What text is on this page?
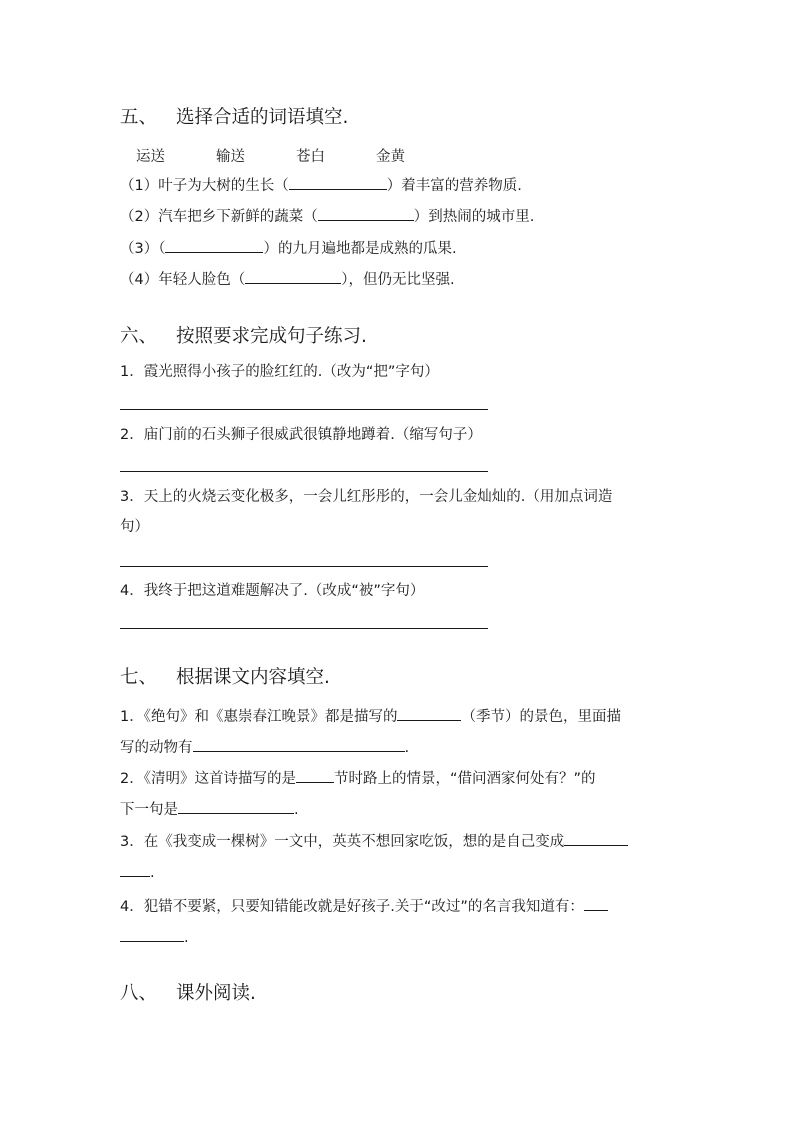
五、 选择合适的词语填空.
运送	输送	苍白	金黄
（1）叶子为大树的生长（	）着丰富的营养物质.
（2）汽车把乡下新鲜的蔬菜（	）到热闹的城市里.
（3）（	）的九月遍地都是成熟的瓜果.
（4）年轻人脸色（	），但仍无比坚强.
六、 按照要求完成句子练习.
1．霞光照得小孩子的脸红红的.（改为“把”字句）
2．庙门前的石头狮子很威武很镇静地蹲着.（缩写句子）
3．天上的火烧云变化极多，一会儿红彤彤的，一会儿金灿灿的.（用加点词造
句）
4．我终于把这道难题解决了.（改成“被”字句）
七、 根据课文内容填空.
1．《绝句》和《惠崇春江晚景》都是描写的	（季节）的景色，里面描
写的动物有	.
2．《清明》这首诗描写的是	节时路上的情景，“借问酒家何处有？”的
下一句是	.
3．在《我变成一棵树》一文中，英英不想回家吃饭，想的是自己变成
.
4．犯错不要紧，只要知错能改就是好孩子.关于“改过”的名言我知道有：
.
八、 课外阅读.
